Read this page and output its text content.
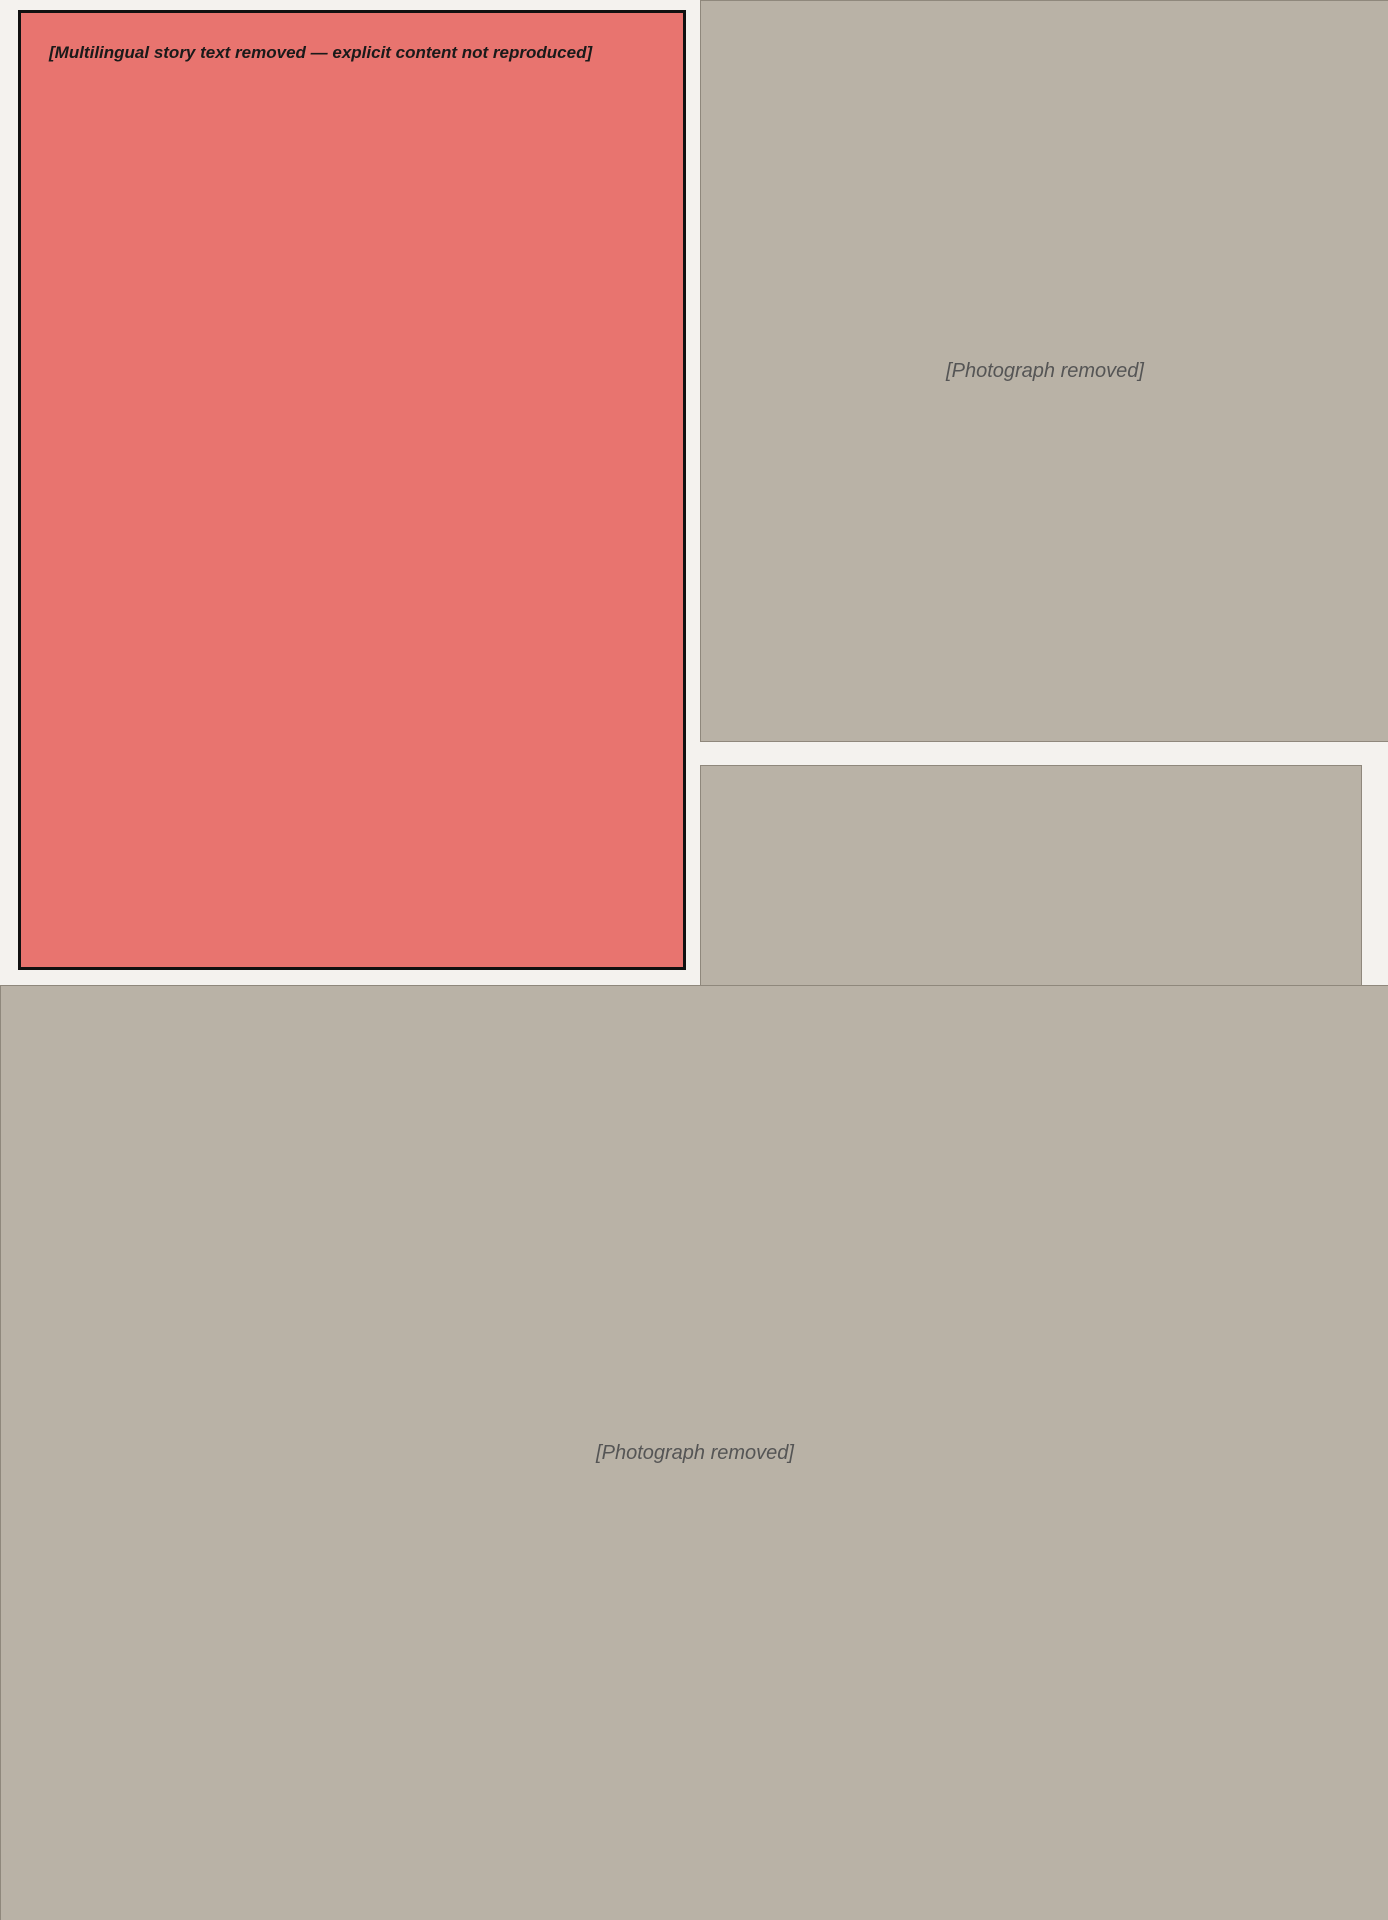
[Multilingual story text removed — explicit content not reproduced]
[Photograph removed]
[Photograph removed]
